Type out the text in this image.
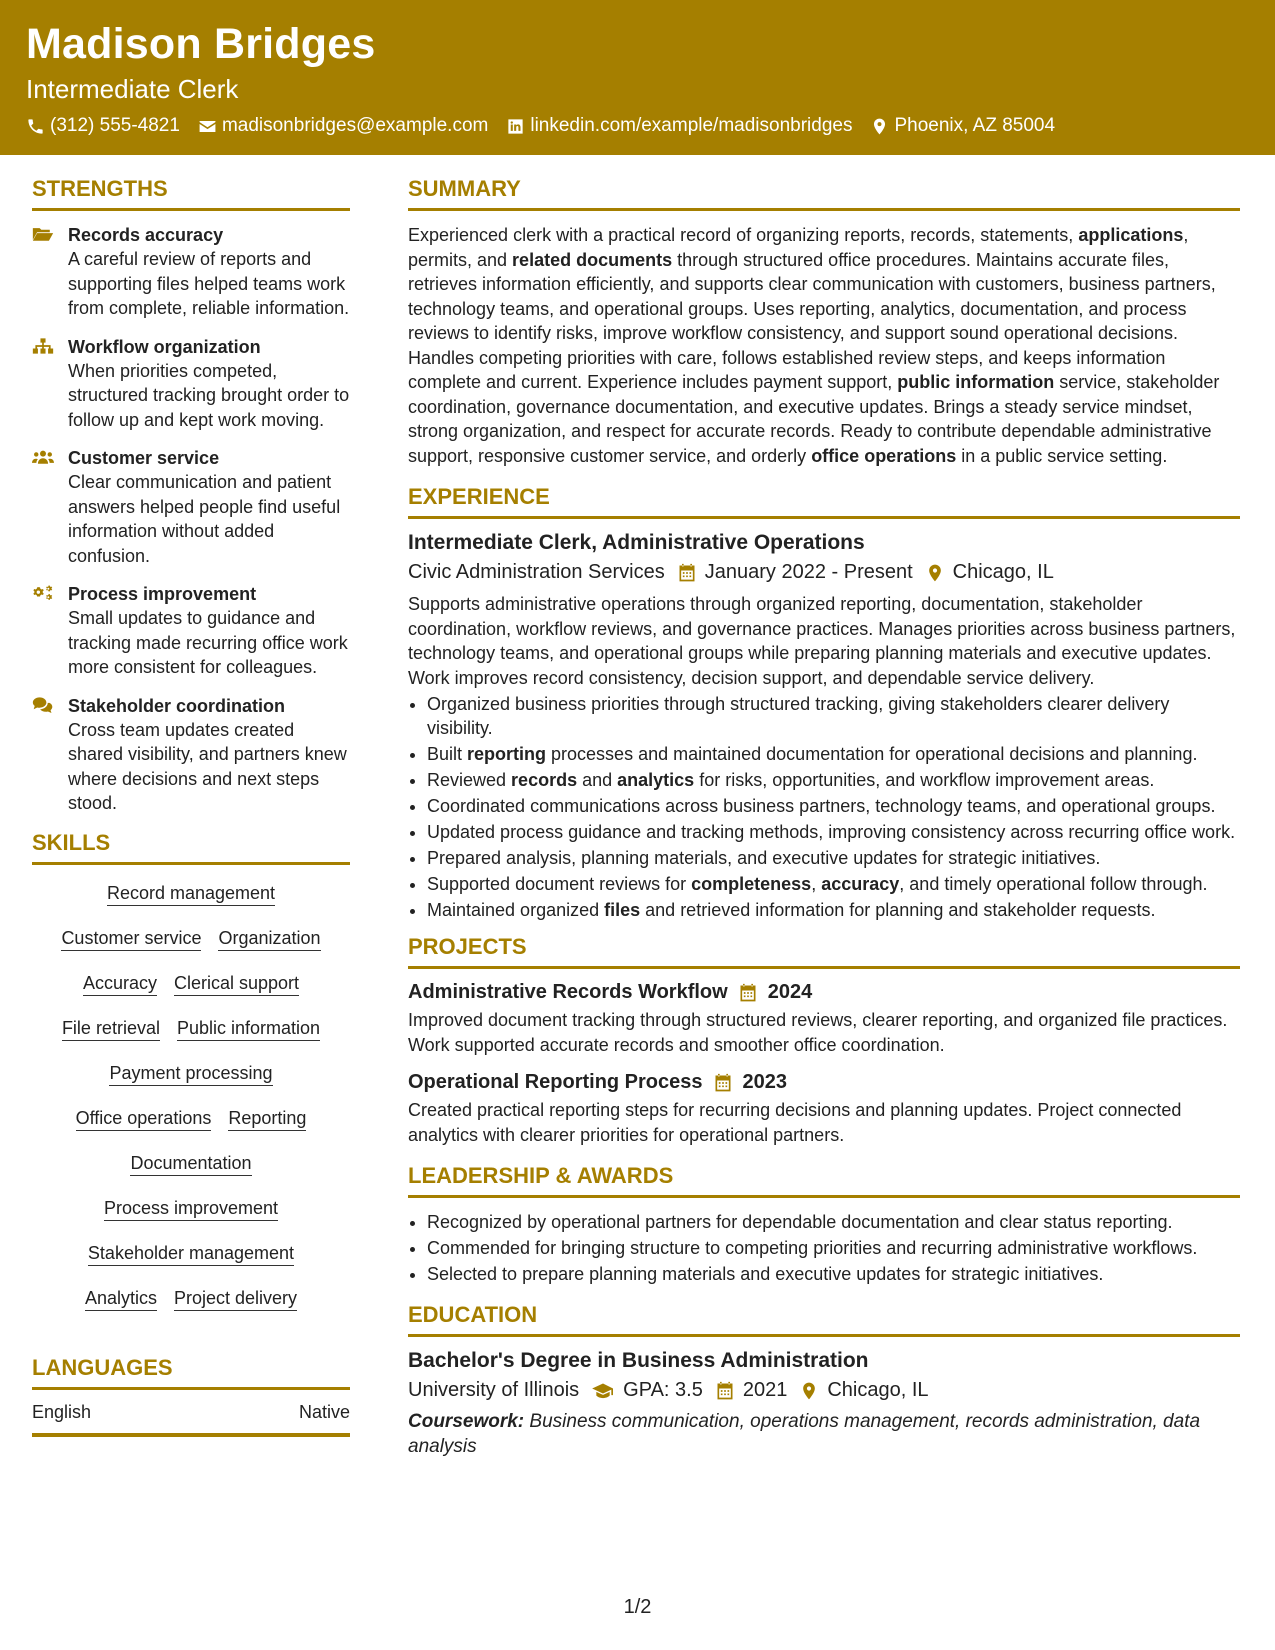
Madison Bridges
Intermediate Clerk
(312) 555-4821 madisonbridges@example.com linkedin.com/example/madisonbridges Phoenix, AZ 85004
STRENGTHS
Records accuracy
A careful review of reports and supporting files helped teams work from complete, reliable information.
Workflow organization
When priorities competed, structured tracking brought order to follow up and kept work moving.
Customer service
Clear communication and patient answers helped people find useful information without added confusion.
Process improvement
Small updates to guidance and tracking made recurring office work more consistent for colleagues.
Stakeholder coordination
Cross team updates created shared visibility, and partners knew where decisions and next steps stood.
SKILLS
Record management
Customer service Organization
Accuracy Clerical support
File retrieval Public information
Payment processing
Office operations Reporting
Documentation
Process improvement
Stakeholder management
Analytics Project delivery
LANGUAGES
English	Native
SUMMARY
Experienced clerk with a practical record of organizing reports, records, statements, applications, permits, and related documents through structured office procedures. Maintains accurate files, retrieves information efficiently, and supports clear communication with customers, business partners, technology teams, and operational groups. Uses reporting, analytics, documentation, and process reviews to identify risks, improve workflow consistency, and support sound operational decisions. Handles competing priorities with care, follows established review steps, and keeps information complete and current. Experience includes payment support, public information service, stakeholder coordination, governance documentation, and executive updates. Brings a steady service mindset, strong organization, and respect for accurate records. Ready to contribute dependable administrative support, responsive customer service, and orderly office operations in a public service setting.
EXPERIENCE
Intermediate Clerk, Administrative Operations
Civic Administration Services January 2022 - Present Chicago, IL
Supports administrative operations through organized reporting, documentation, stakeholder coordination, workflow reviews, and governance practices. Manages priorities across business partners, technology teams, and operational groups while preparing planning materials and executive updates. Work improves record consistency, decision support, and dependable service delivery.
• Organized business priorities through structured tracking, giving stakeholders clearer delivery visibility.
• Built reporting processes and maintained documentation for operational decisions and planning.
• Reviewed records and analytics for risks, opportunities, and workflow improvement areas.
• Coordinated communications across business partners, technology teams, and operational groups.
• Updated process guidance and tracking methods, improving consistency across recurring office work.
• Prepared analysis, planning materials, and executive updates for strategic initiatives.
• Supported document reviews for completeness, accuracy, and timely operational follow through.
• Maintained organized files and retrieved information for planning and stakeholder requests.
PROJECTS
Administrative Records Workflow 2024
Improved document tracking through structured reviews, clearer reporting, and organized file practices. Work supported accurate records and smoother office coordination.
Operational Reporting Process 2023
Created practical reporting steps for recurring decisions and planning updates. Project connected analytics with clearer priorities for operational partners.
LEADERSHIP & AWARDS
• Recognized by operational partners for dependable documentation and clear status reporting.
• Commended for bringing structure to competing priorities and recurring administrative workflows.
• Selected to prepare planning materials and executive updates for strategic initiatives.
EDUCATION
Bachelor's Degree in Business Administration
University of Illinois GPA: 3.5 2021 Chicago, IL
Coursework: Business communication, operations management, records administration, data analysis
1/2
